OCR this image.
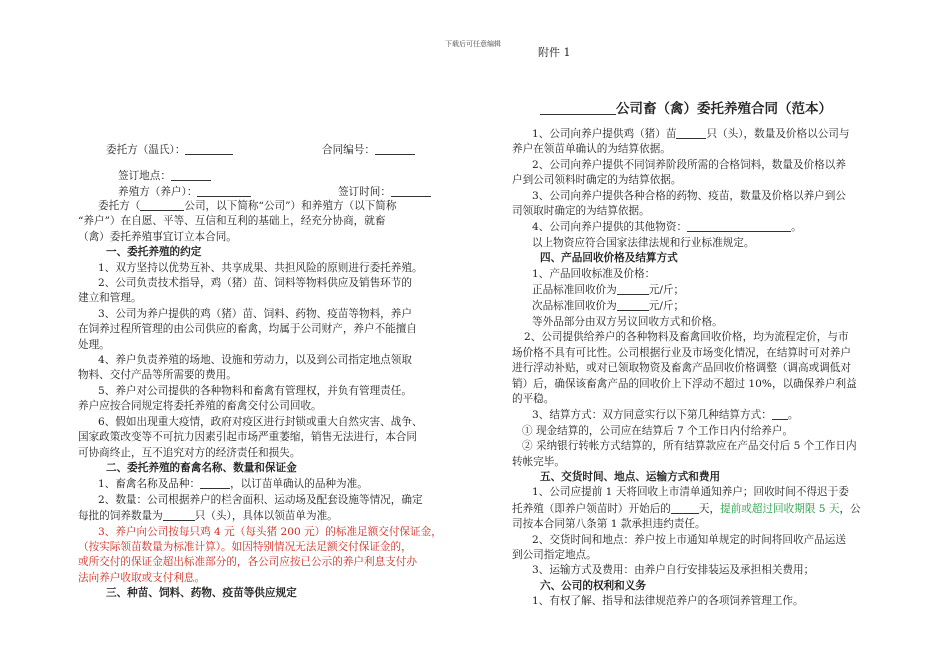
下载后可任意编辑
附件 1
公司畜（禽）委托养殖合同（范本）
委托方（温氏）：	合同编号：
签订地点：
养殖方（养户）：	签订时间：
委托方（	公司，以下简称“公司”）和养殖方（以下简称
“养户”）在自愿、平等、互信和互利的基础上，经充分协商，就畜
（禽）委托养殖事宜订立本合同。
一、委托养殖的约定
1、双方坚持以优势互补、共享成果、共担风险的原则进行委托养殖。
2、公司负责技术指导，鸡（猪）苗、饲料等物料供应及销售环节的
建立和管理。
3、公司为养户提供的鸡（猪）苗、饲料、药物、疫苗等物料，养户
在饲养过程所管理的由公司供应的畜禽，均属于公司财产，养户不能擅自
处理。
4、养户负责养殖的场地、设施和劳动力，以及到公司指定地点领取
物料、交付产品等所需要的费用。
5、养户对公司提供的各种物料和畜禽有管理权，并负有管理责任。
养户应按合同规定将委托养殖的畜禽交付公司回收。
6、假如出现重大疫情，政府对疫区进行封锁或重大自然灾害、战争、
国家政策改变等不可抗力因素引起市场严重萎缩，销售无法进行，本合同
可协商终止，互不追究对方的经济责任和损失。
二、委托养殖的畜禽名称、数量和保证金
1、畜禽名称及品种：	，以订苗单确认的品种为准。
2、数量：公司根据养户的栏舍面积、运动场及配套设施等情况，确定
每批的饲养数量为	只（头），具体以领苗单为准。
3、养户向公司按每只鸡 4 元（每头猪 200 元）的标准足额交付保证金，
（按实际领苗数量为标准计算）。如因特别情况无法足额交付保证金的，
或所交付的保证金超出标准部分的，各公司应按已公示的养户利息支付办
法向养户收取或支付利息。
三、种苗、饲料、药物、疫苗等供应规定
1、公司向养户提供鸡（猪）苗	只（头），数量及价格以公司与
养户在领苗单确认的为结算依据。
2、公司向养户提供不同饲养阶段所需的合格饲料，数量及价格以养
户到公司领料时确定的为结算依据。
3、公司向养户提供各种合格的药物、疫苗，数量及价格以养户到公
司领取时确定的为结算依据。
4、公司向养户提供的其他物资：	。
以上物资应符合国家法律法规和行业标准规定。
四、产品回收价格及结算方式
1、产品回收标准及价格：
正品标准回收价为	元/斤；
次品标准回收价为	元/斤；
等外品部分由双方另议回收方式和价格。
2、公司提供给养户的各种物料及畜禽回收价格，均为流程定价，与市
场价格不具有可比性。公司根据行业及市场变化情况，在结算时可对养户
进行浮动补贴，或对已领取物资及畜禽产品回收价格调整（调高或调低对
销）后，确保该畜禽产品的回收价上下浮动不超过 10%，以确保养户利益
的平稳。
3、结算方式：双方同意实行以下第几种结算方式： 。
① 现金结算的，公司应在结算后 7 个工作日内付给养户。
② 采纳银行转帐方式结算的，所有结算款应在产品交付后 5 个工作日内
转帐完毕。
五、交货时间、地点、运输方式和费用
1、公司应提前 1 天将回收上市清单通知养户；回收时间不得迟于委
托养殖（即养户领苗时）开始后的	天，提前或超过回收期限 5 天，公
司按本合同第八条第 1 款承担违约责任。
2、交货时间和地点：养户按上市通知单规定的时间将回收产品运送
到公司指定地点。
3、运输方式及费用：由养户自行安排装运及承担相关费用；
六、公司的权利和义务
1、有权了解、指导和法律规范养户的各项饲养管理工作。
